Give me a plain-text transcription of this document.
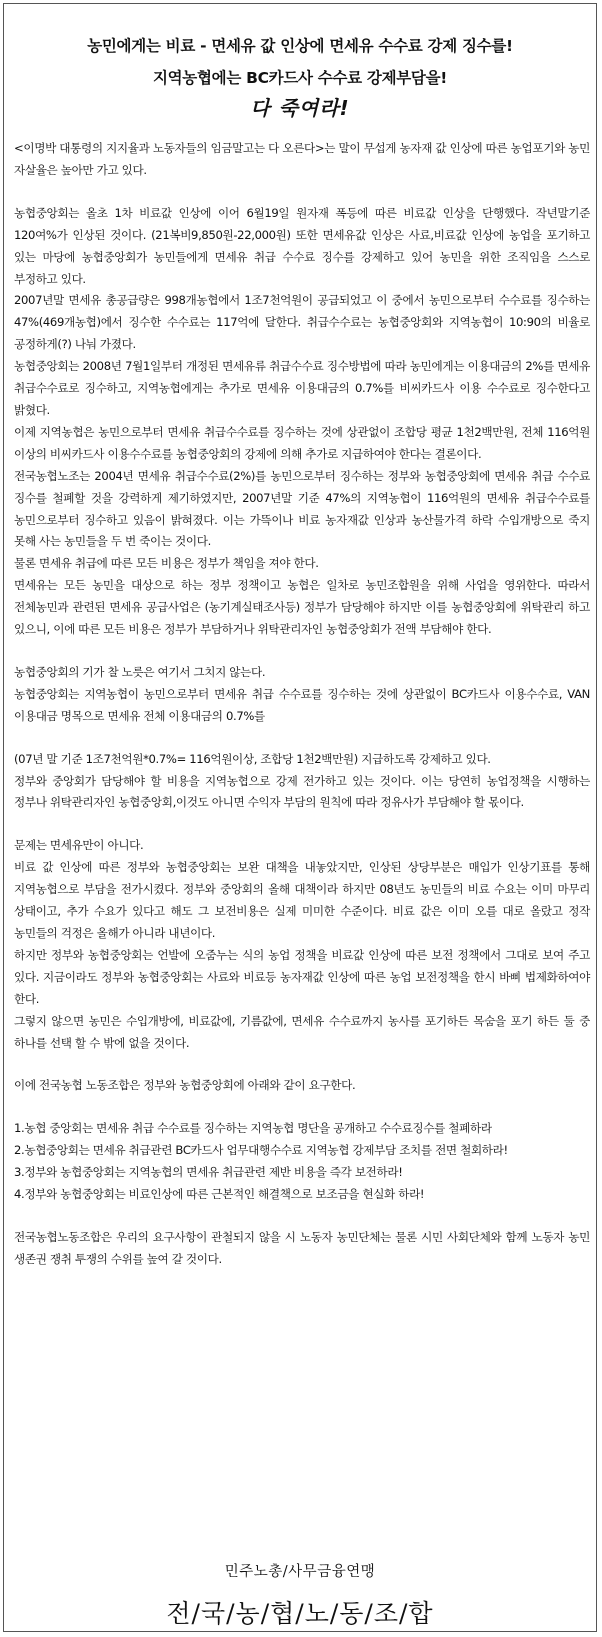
농민에게는 비료 - 면세유 값 인상에 면세유 수수료 강제 징수를!
지역농협에는 BC카드사 수수료 강제부담을!
다 죽여라!

<이명박 대통령의 지지율과 노동자들의 임금말고는 다 오른다>는 말이 무섭게 농자재 값 인상에 따른 농업포기와 농민 자살율은 높아만 가고 있다.

농협중앙회는 올초 1차 비료값 인상에 이어 6월19일 원자재 폭등에 따른 비료값 인상을 단행했다. 작년말기준 120여%가 인상된 것이다. (21복비9,850원-22,000원) 또한 면세유값 인상은 사료,비료값 인상에 농업을 포기하고 있는 마당에 농협중앙회가 농민들에게 면세유 취급 수수료 징수를 강제하고 있어 농민을 위한 조직임을 스스로 부정하고 있다.

2007년말 면세유 총공급량은 998개농협에서 1조7천억원이 공급되었고 이 중에서 농민으로부터 수수료를 징수하는 47%(469개농협)에서 징수한 수수료는 117억에 달한다. 취급수수료는 농협중앙회와 지역농협이 10:90의 비율로 공정하게(?) 나눠 가졌다.

농협중앙회는 2008년 7월1일부터 개정된 면세유류 취급수수료 징수방법에 따라 농민에게는 이용대금의 2%를 면세유 취급수수료로 징수하고, 지역농협에게는 추가로 면세유 이용대금의 0.7%를 비씨카드사 이용 수수료로 징수한다고 밝혔다.

이제 지역농협은 농민으로부터 면세유 취급수수료를 징수하는 것에 상관없이 조합당 평균 1천2백만원, 전체 116억원 이상의 비씨카드사 이용수수료를 농협중앙회의 강제에 의해 추가로 지급하여야 한다는 결론이다.

전국농협노조는 2004년 면세유 취급수수료(2%)를 농민으로부터 징수하는 정부와 농협중앙회에 면세유 취급 수수료 징수를 철폐할 것을 강력하게 제기하였지만, 2007년말 기준 47%의 지역농협이 116억원의 면세유 취급수수료를 농민으로부터 징수하고 있음이 밝혀졌다. 이는 가뜩이나 비료 농자재값 인상과 농산물가격 하락 수입개방으로 죽지 못해 사는 농민들을 두 번 죽이는 것이다.

물론 면세유 취급에 따른 모든 비용은 정부가 책임을 져야 한다.

면세유는 모든 농민을 대상으로 하는 정부 정책이고 농협은 일차로 농민조합원을 위해 사업을 영위한다. 따라서 전체농민과 관련된 면세유 공급사업은 (농기계실태조사등) 정부가 담당해야 하지만 이를 농협중앙회에 위탁관리 하고 있으니, 이에 따른 모든 비용은 정부가 부담하거나 위탁관리자인 농협중앙회가 전액 부담해야 한다.

농협중앙회의 기가 찰 노릇은 여기서 그치지 않는다.

농협중앙회는 지역농협이 농민으로부터 면세유 취급 수수료를 징수하는 것에 상관없이 BC카드사 이용수수료, VAN 이용대금 명목으로 면세유 전체 이용대금의 0.7%를

(07년 말 기준 1조7천억원*0.7%= 116억원이상, 조합당 1천2백만원) 지급하도록 강제하고 있다.

정부와 중앙회가 담당해야 할 비용을 지역농협으로 강제 전가하고 있는 것이다. 이는 당연히 농업정책을 시행하는 정부나 위탁관리자인 농협중앙회,이것도 아니면 수익자 부담의 원칙에 따라 정유사가 부담해야 할 몫이다.

문제는 면세유만이 아니다.

비료 값 인상에 따른 정부와 농협중앙회는 보완 대책을 내놓았지만, 인상된 상당부분은 매입가 인상기표를 통해 지역농협으로 부담을 전가시켰다. 정부와 중앙회의 올해 대책이라 하지만 08년도 농민들의 비료 수요는 이미 마무리 상태이고, 추가 수요가 있다고 해도 그 보전비용은 실제 미미한 수준이다. 비료 값은 이미 오를 대로 올랐고 정작 농민들의 걱정은 올해가 아니라 내년이다.

하지만 정부와 농협중앙회는 언발에 오줌누는 식의 농업 정책을 비료값 인상에 따른 보전 정책에서 그대로 보여 주고 있다. 지금이라도 정부와 농협중앙회는 사료와 비료등 농자재값 인상에 따른 농업 보전정책을 한시 바삐 법제화하여야 한다.

그렇지 않으면 농민은 수입개방에, 비료값에, 기름값에, 면세유 수수료까지 농사를 포기하든 목숨을 포기 하든 둘 중 하나를 선택 할 수 밖에 없을 것이다.

이에 전국농협 노동조합은 정부와 농협중앙회에 아래와 같이 요구한다.

1.농협 중앙회는 면세유 취급 수수료를 징수하는 지역농협 명단을 공개하고 수수료징수를 철폐하라

2.농협중앙회는 면세유 취급관련 BC카드사 업무대행수수료 지역농협 강제부담 조치를 전면 철회하라!

3.정부와 농협중앙회는 지역농협의 면세유 취급관련 제반 비용을 즉각 보전하라!

4.정부와 농협중앙회는 비료인상에 따른 근본적인 해결책으로 보조금을 현실화 하라!

전국농협노동조합은 우리의 요구사항이 관철되지 않을 시 노동자 농민단체는 물론 시민 사회단체와 함께 노동자 농민 생존권 쟁취 투쟁의 수위를 높여 갈 것이다.

민주노총/사무금융연맹
전/국/농/협/노/동/조/합
